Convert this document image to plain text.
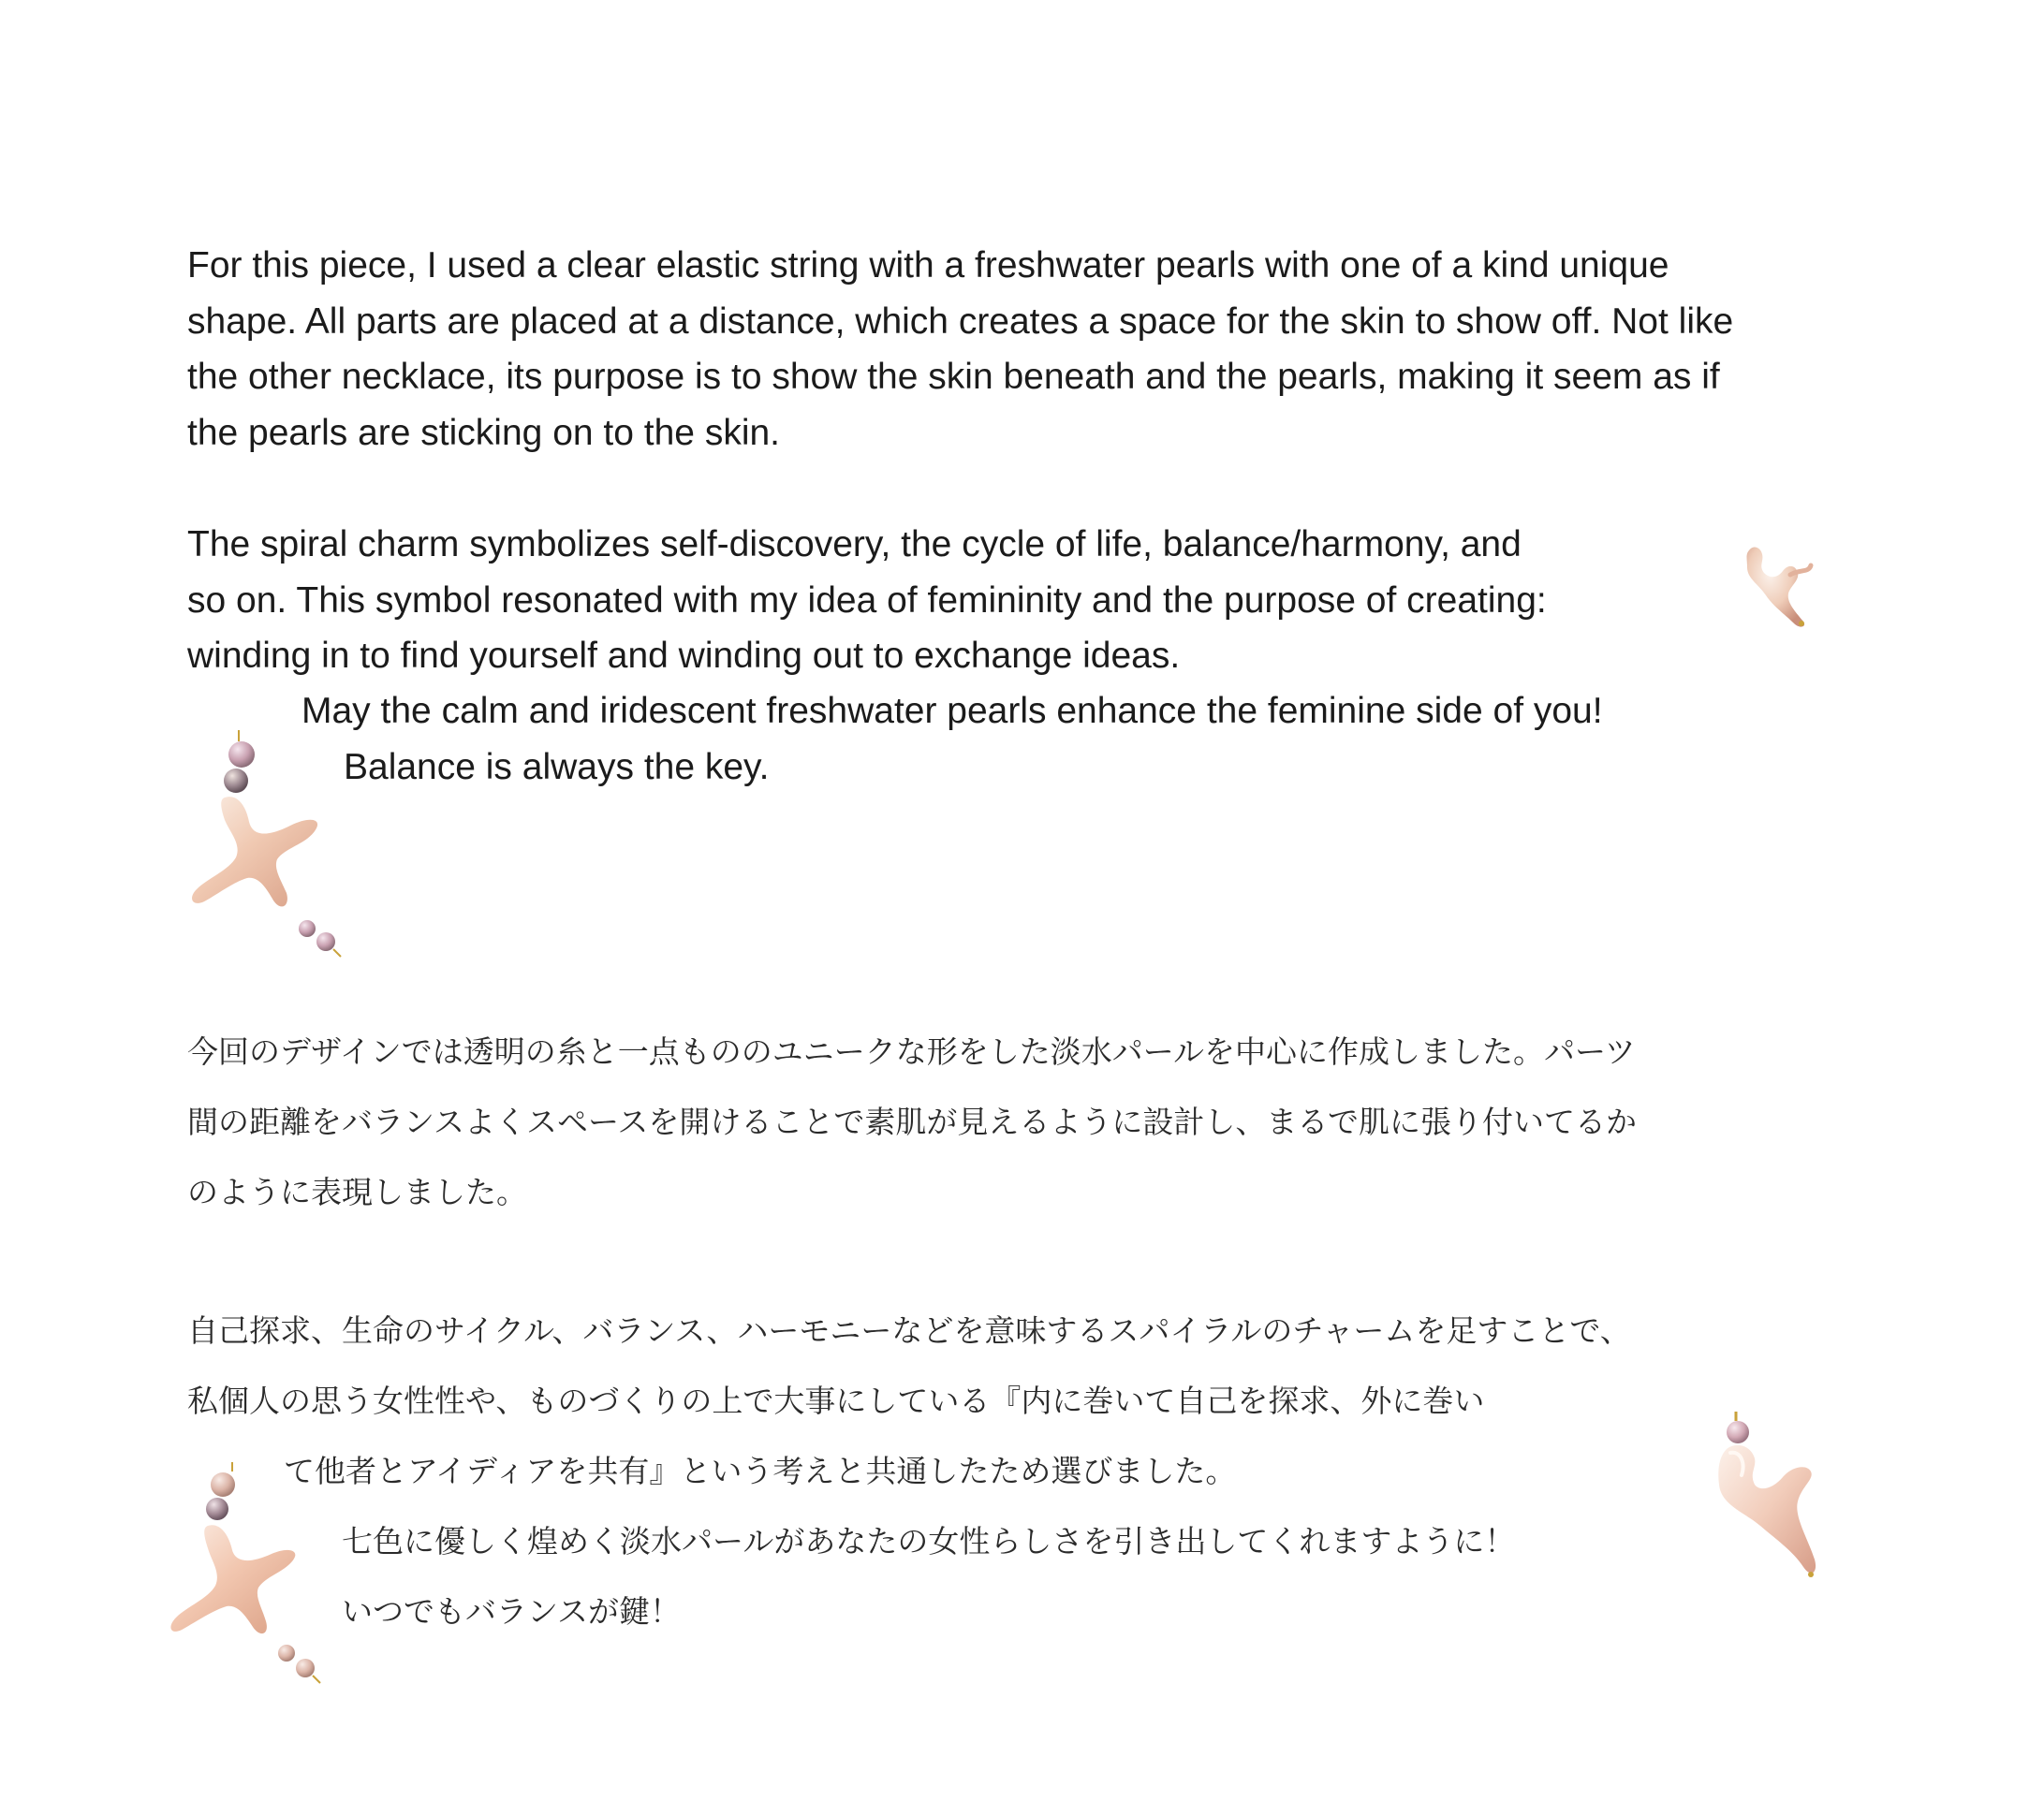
For this piece, I used a clear elastic string with a freshwater pearls with one of a kind unique
shape. All parts are placed at a distance, which creates a space for the skin to show off. Not like
the other necklace, its purpose is to show the skin beneath and the pearls, making it seem as if
the pearls are sticking on to the skin.
The spiral charm symbolizes self-discovery, the cycle of life, balance/harmony, and
so on. This symbol resonated with my idea of femininity and the purpose of creating:
winding in to find yourself and winding out to exchange ideas.
May the calm and iridescent freshwater pearls enhance the feminine side of you!
Balance is always the key.
今回のデザインでは透明の糸と一点もののユニークな形をした淡水パールを中心に作成しました。パーツ
間の距離をバランスよくスペースを開けることで素肌が見えるように設計し、まるで肌に張り付いてるか
のように表現しました。
自己探求、生命のサイクル、バランス、ハーモニーなどを意味するスパイラルのチャームを足すことで、
私個人の思う女性性や、ものづくりの上で大事にしている『内に巻いて自己を探求、外に巻い
て他者とアイディアを共有』という考えと共通したため選びました。
七色に優しく煌めく淡水パールがあなたの女性らしさを引き出してくれますように！
いつでもバランスが鍵！
